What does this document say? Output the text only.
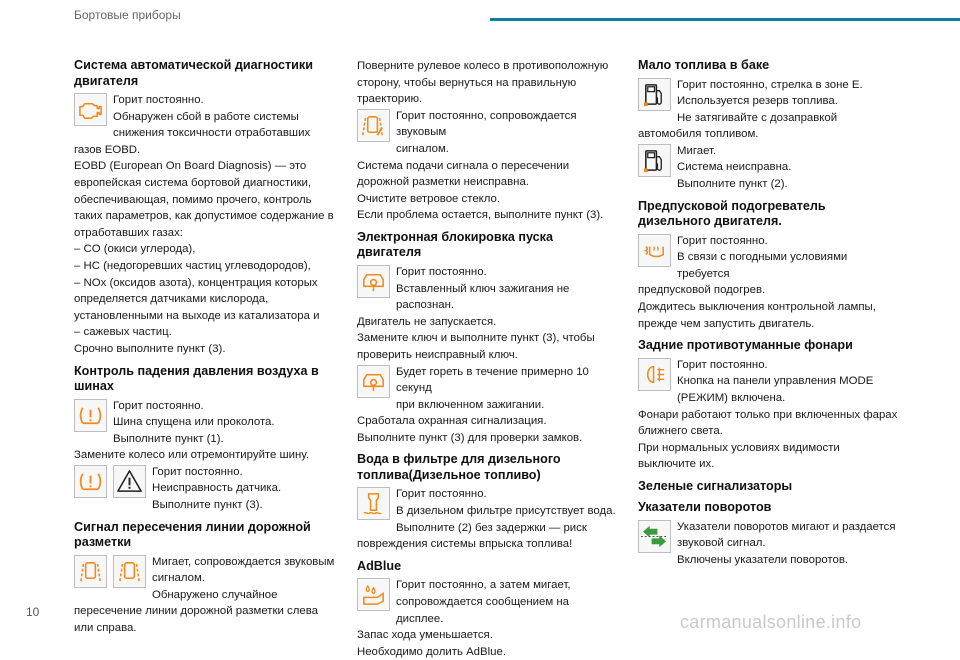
Бортовые приборы
Система автоматической диагностики двигателя

Горит постоянно.

Обнаружен сбой в работе системы

снижения токсичности отработавших газов EOBD.

EOBD (European On Board Diagnosis) — это европейская система бортовой диагностики, обеспечивающая, помимо прочего, контроль таких параметров, как допустимое содержание в отработавших газах:

– CO (окиси углерода),

– HC (недогоревших частиц углеводородов),

– NOx (оксидов азота), концентрация которых определяется датчиками кислорода, установленными на выходе из катализатора и

– сажевых частиц.

Срочно выполните пункт (3).

Контроль падения давления воздуха в шинах

Горит постоянно.

Шина спущена или проколота.

Выполните пункт (1).

Замените колесо или отремонтируйте шину.

Горит постоянно.

Неисправность датчика.

Выполните пункт (3).

Сигнал пересечения линии дорожной разметки

Мигает, сопровождается звуковым

сигналом.

Обнаружено случайное пересечение линии дорожной разметки слева или справа.

Поверните рулевое колесо в противоположную сторону, чтобы вернуться на правильную траекторию.

Горит постоянно, сопровождается звуковым

сигналом.

Система подачи сигнала о пересечении дорожной разметки неисправна.

Очистите ветровое стекло.

Если проблема остается, выполните пункт (3).

Электронная блокировка пуска двигателя

Горит постоянно.

Вставленный ключ зажигания не распознан.

Двигатель не запускается.

Замените ключ и выполните пункт (3), чтобы проверить неисправный ключ.

Будет гореть в течение примерно 10 секунд

при включенном зажигании.

Сработала охранная сигнализация.

Выполните пункт (3) для проверки замков.

Вода в фильтре для дизельного топлива(Дизельное топливо)

Горит постоянно.

В дизельном фильтре присутствует вода.

Выполните (2) без задержки — риск повреждения системы впрыска топлива!

AdBlue

Горит постоянно, а затем мигает,

сопровождается сообщением на дисплее.

Запас хода уменьшается.

Необходимо долить AdBlue.

Мало топлива в баке

Горит постоянно, стрелка в зоне E.

Используется резерв топлива.

Не затягивайте с дозаправкой автомобиля топливом.

Мигает.

Система неисправна.

Выполните пункт (2).

Предпусковой подогреватель дизельного двигателя.

Горит постоянно.

В связи с погодными условиями требуется

предпусковой подогрев.

Дождитесь выключения контрольной лампы, прежде чем запустить двигатель.

Задние противотуманные фонари

Горит постоянно.

Кнопка на панели управления MODE

(РЕЖИМ) включена.

Фонари работают только при включенных фарах ближнего света.

При нормальных условиях видимости выключите их.

Зеленые сигнализаторы
Указатели поворотов

Указатели поворотов мигают и раздается

звуковой сигнал.

Включены указатели поворотов.

10	carmanualsonline.info
